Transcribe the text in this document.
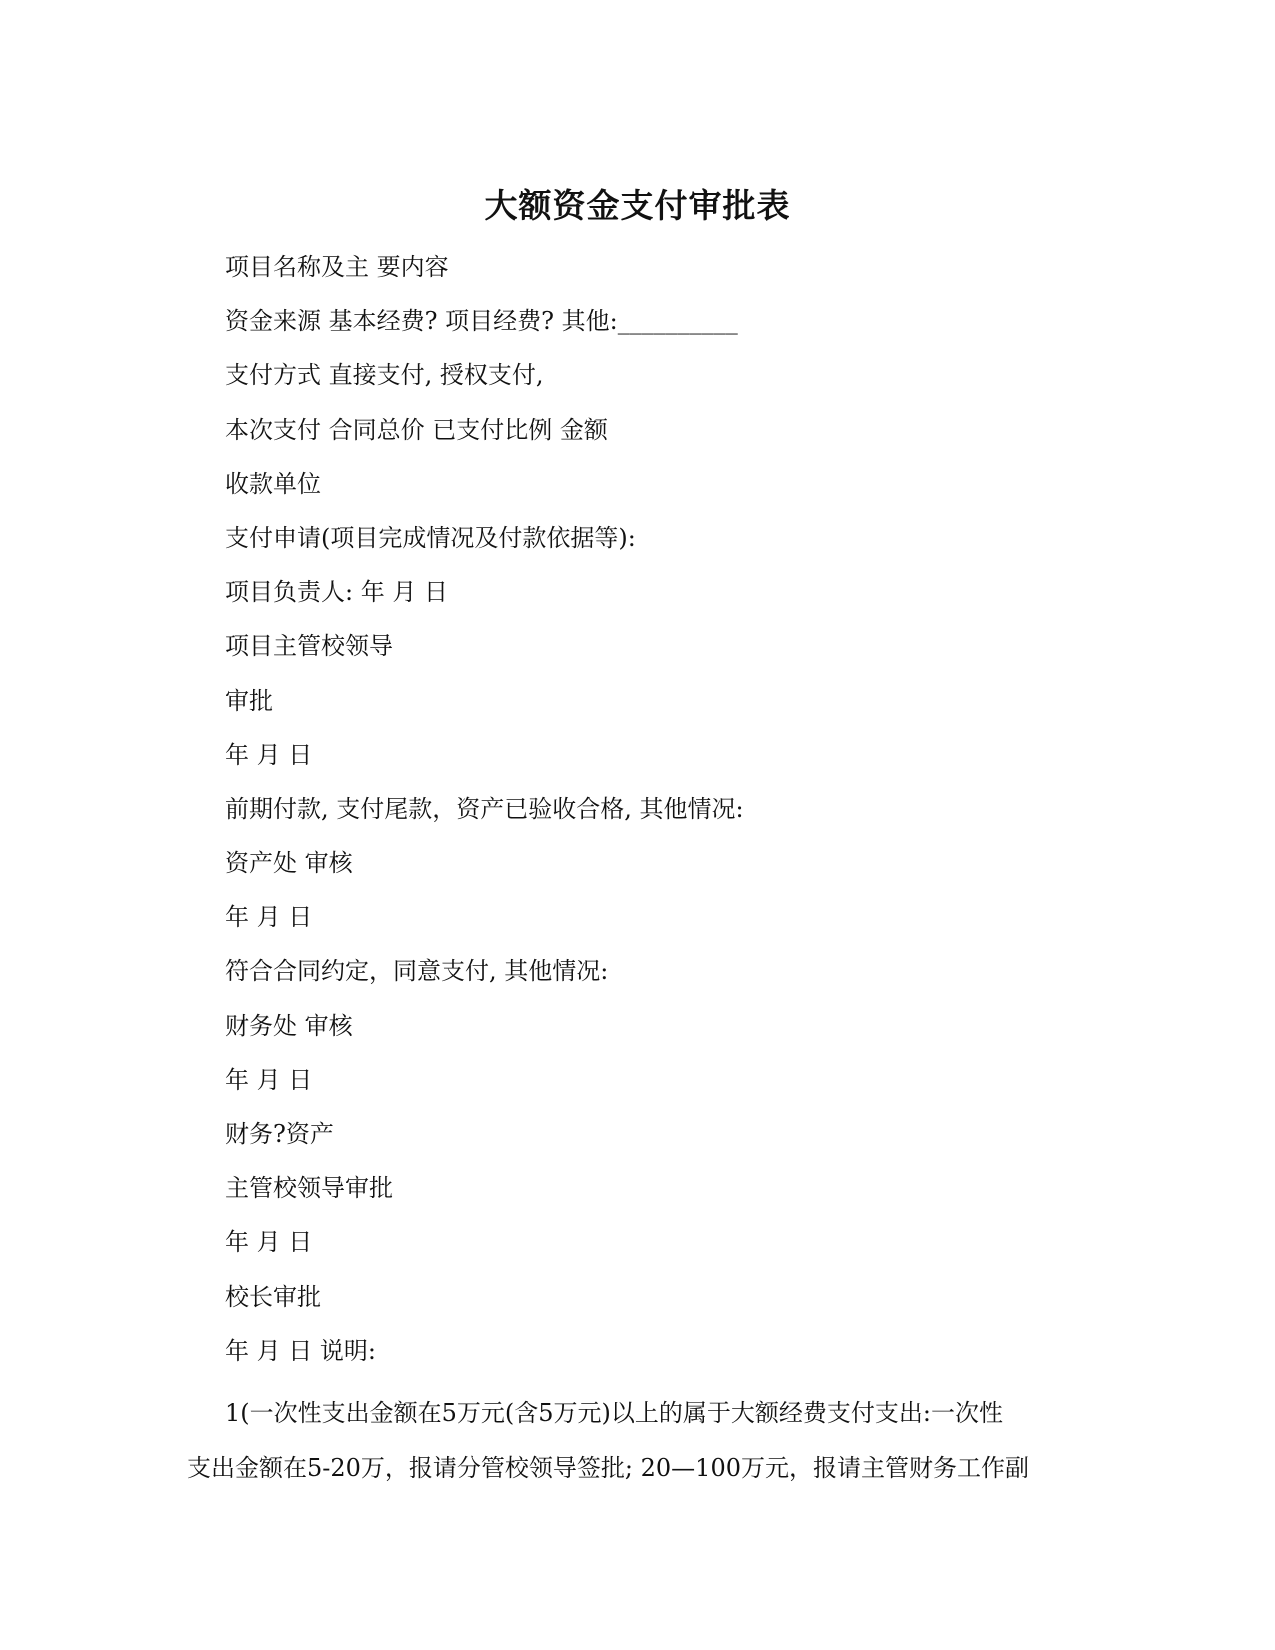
大额资金支付审批表
项目名称及主 要内容
资金来源 基本经费? 项目经费? 其他:__________
支付方式 直接支付, 授权支付,
本次支付 合同总价 已支付比例 金额
收款单位
支付申请(项目完成情况及付款依据等):
项目负责人: 年 月 日
项目主管校领导
审批
年 月 日
前期付款, 支付尾款，资产已验收合格, 其他情况:
资产处 审核
年 月 日
符合合同约定，同意支付, 其他情况:
财务处 审核
年 月 日
财务?资产
主管校领导审批
年 月 日
校长审批
年 月 日 说明:

1(一次性支出金额在5万元(含5万元)以上的属于大额经费支付支出:一次性
支出金额在5-20万，报请分管校领导签批; 20—100万元，报请主管财务工作副
